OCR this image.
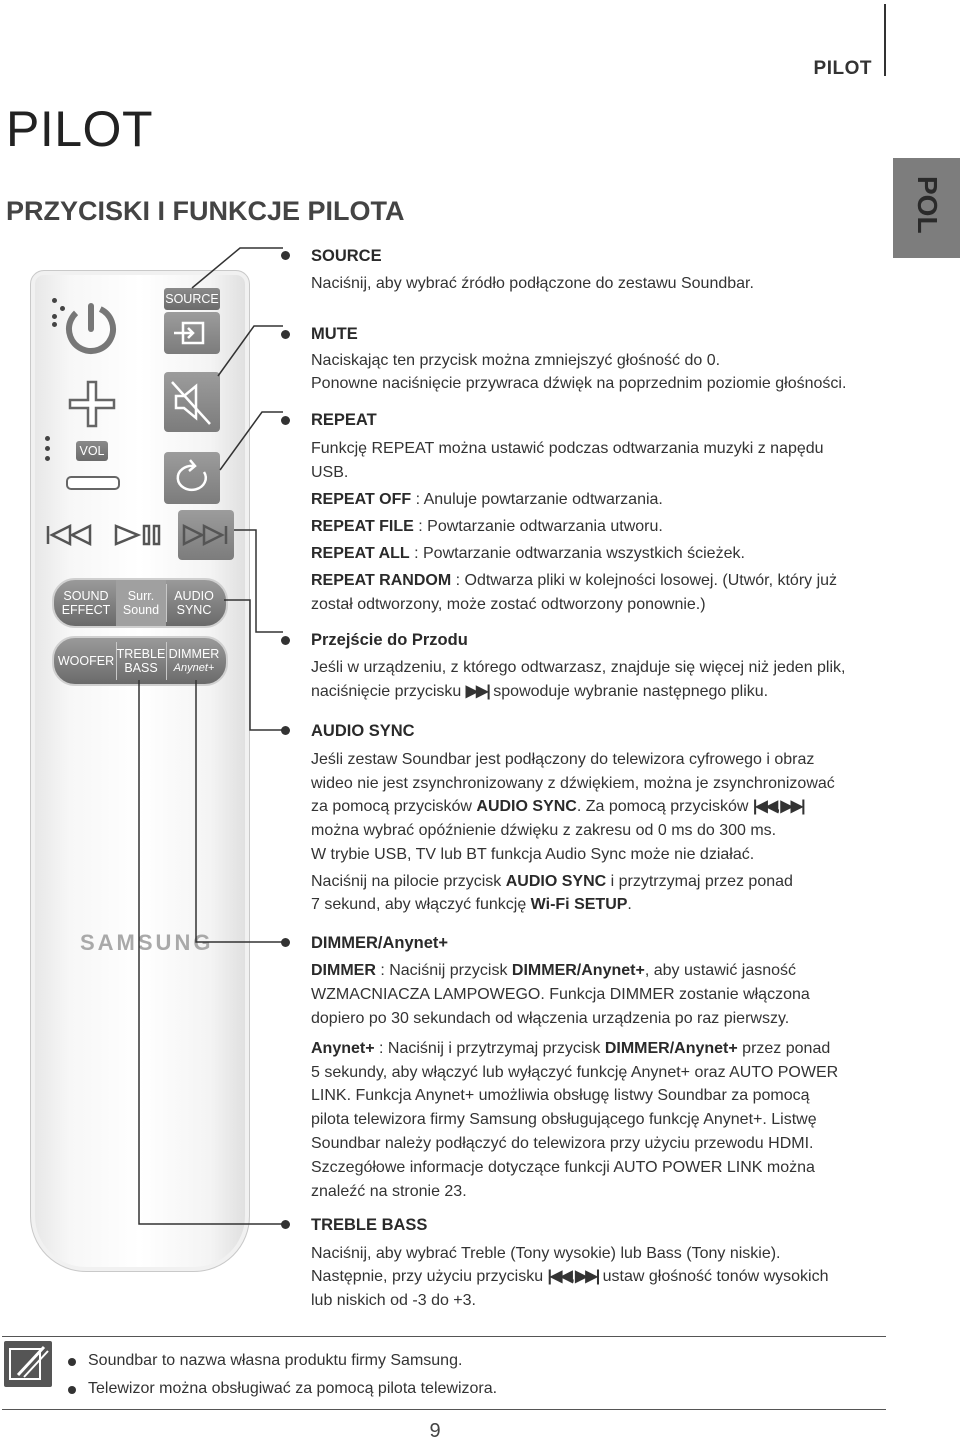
PILOT
PILOT
PRZYCISKI I FUNKCJE PILOTA	POL
SOURCE
VOL
SOUND
EFFECT
Surr.
Sound
AUDIO
SYNC
WOOFER TREBLE
BASS
DIMMER
Anynet+
SAMSUNG
SOURCE
Naciśnij, aby wybrać źródło podłączone do zestawu Soundbar.
MUTE
Naciskając ten przycisk można zmniejszyć głośność do 0.
Ponowne naciśnięcie przywraca dźwięk na poprzednim poziomie głośności.
REPEAT
Funkcję REPEAT można ustawić podczas odtwarzania muzyki z napędu
USB.
REPEAT OFF : Anuluje powtarzanie odtwarzania.
REPEAT FILE : Powtarzanie odtwarzania utworu.
REPEAT ALL : Powtarzanie odtwarzania wszystkich ścieżek.
REPEAT RANDOM : Odtwarza pliki w kolejności losowej. (Utwór, który już
został odtworzony, może zostać odtworzony ponownie.)
Przejście do Przodu
Jeśli w urządzeniu, z którego odtwarzasz, znajduje się więcej niż jeden plik,
naciśnięcie przycisku ▶▶| spowoduje wybranie następnego pliku.
AUDIO SYNC
Jeśli zestaw Soundbar jest podłączony do telewizora cyfrowego i obraz
wideo nie jest zsynchronizowany z dźwiękiem, można je zsynchronizować
za pomocą przycisków AUDIO SYNC. Za pomocą przycisków |◀◀,▶▶|
można wybrać opóźnienie dźwięku z zakresu od 0 ms do 300 ms.
W trybie USB, TV lub BT funkcja Audio Sync może nie działać.
Naciśnij na pilocie przycisk AUDIO SYNC i przytrzymaj przez ponad
7 sekund, aby włączyć funkcję Wi-Fi SETUP.
DIMMER/Anynet+
DIMMER : Naciśnij przycisk DIMMER/Anynet+, aby ustawić jasność
WZMACNIACZA LAMPOWEGO. Funkcja DIMMER zostanie włączona
dopiero po 30 sekundach od włączenia urządzenia po raz pierwszy.
Anynet+ : Naciśnij i przytrzymaj przycisk DIMMER/Anynet+ przez ponad
5 sekundy, aby włączyć lub wyłączyć funkcję Anynet+ oraz AUTO POWER
LINK. Funkcja Anynet+ umożliwia obsługę listwy Soundbar za pomocą
pilota telewizora firmy Samsung obsługującego funkcję Anynet+. Listwę
Soundbar należy podłączyć do telewizora przy użyciu przewodu HDMI.
Szczegółowe informacje dotyczące funkcji AUTO POWER LINK można
znaleźć na stronie 23.
TREBLE BASS
Naciśnij, aby wybrać Treble (Tony wysokie) lub Bass (Tony niskie).
Następnie, przy użyciu przycisku |◀◀,▶▶| ustaw głośność tonów wysokich
lub niskich od -3 do +3.
Soundbar to nazwa własna produktu firmy Samsung.
Telewizor można obsługiwać za pomocą pilota telewizora.
9
